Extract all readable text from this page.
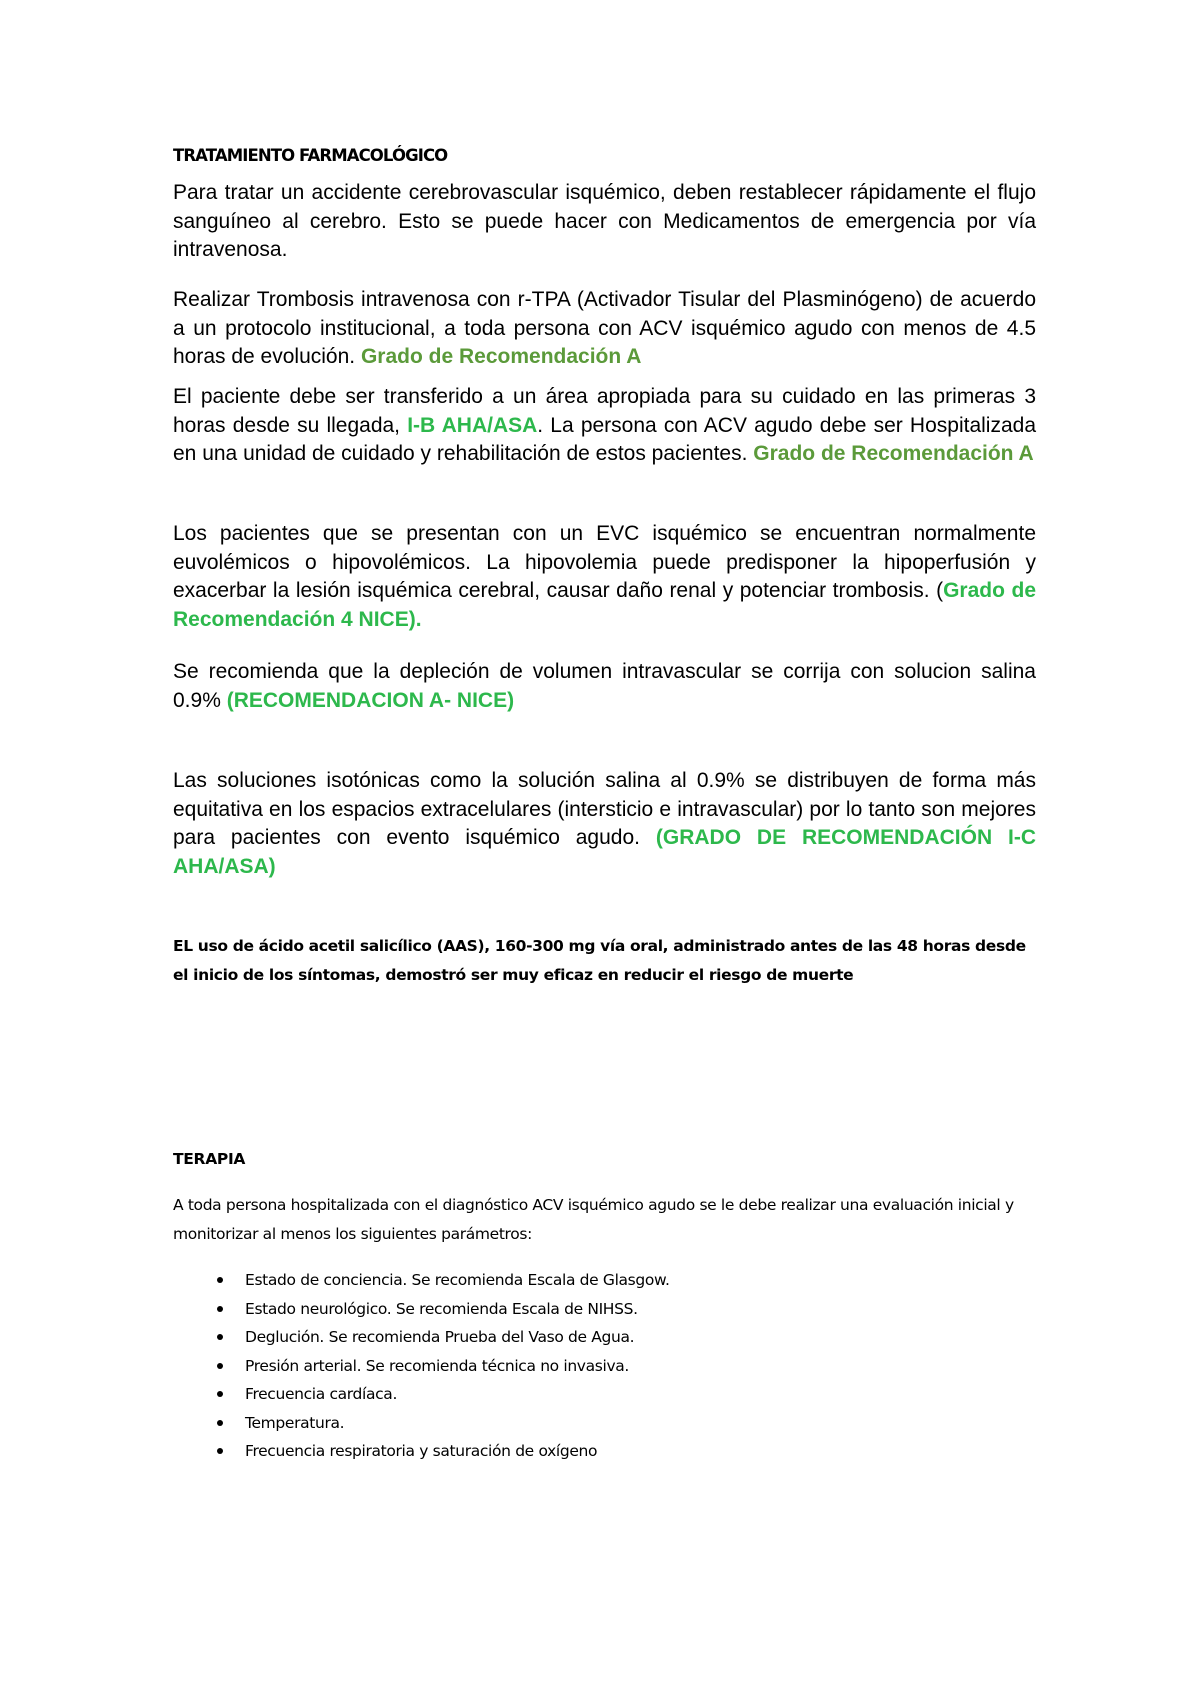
TRATAMIENTO FARMACOLÓGICO

Para tratar un accidente cerebrovascular isquémico, deben restablecer rápidamente el flujo sanguíneo al cerebro. Esto se puede hacer con Medicamentos de emergencia por vía intravenosa.

Realizar Trombosis intravenosa con r-TPA (Activador Tisular del Plasminógeno) de acuerdo a un protocolo institucional, a toda persona con ACV isquémico agudo con menos de 4.5 horas de evolución. Grado de Recomendación A

El paciente debe ser transferido a un área apropiada para su cuidado en las primeras 3 horas desde su llegada, I-B AHA/ASA. La persona con ACV agudo debe ser Hospitalizada en una unidad de cuidado y rehabilitación de estos pacientes. Grado de Recomendación A

Los pacientes que se presentan con un EVC isquémico se encuentran normalmente euvolémicos o hipovolémicos. La hipovolemia puede predisponer la hipoperfusión y exacerbar la lesión isquémica cerebral, causar daño renal y potenciar trombosis. (Grado de Recomendación 4 NICE).

Se recomienda que la depleción de volumen intravascular se corrija con solucion salina 0.9% (RECOMENDACION A- NICE)

Las soluciones isotónicas como la solución salina al 0.9% se distribuyen de forma más equitativa en los espacios extracelulares (intersticio e intravascular) por lo tanto son mejores para pacientes con evento isquémico agudo. (GRADO DE RECOMENDACIÓN I-C AHA/ASA)

EL uso de ácido acetil salicílico (AAS), 160-300 mg vía oral, administrado antes de las 48 horas desde el inicio de los síntomas, demostró ser muy eficaz en reducir el riesgo de muerte

TERAPIA

A toda persona hospitalizada con el diagnóstico ACV isquémico agudo se le debe realizar una evaluación inicial y monitorizar al menos los siguientes parámetros:

Estado de conciencia. Se recomienda Escala de Glasgow.
Estado neurológico. Se recomienda Escala de NIHSS.
Deglución. Se recomienda Prueba del Vaso de Agua.
Presión arterial. Se recomienda técnica no invasiva.
Frecuencia cardíaca.
Temperatura.
Frecuencia respiratoria y saturación de oxígeno
